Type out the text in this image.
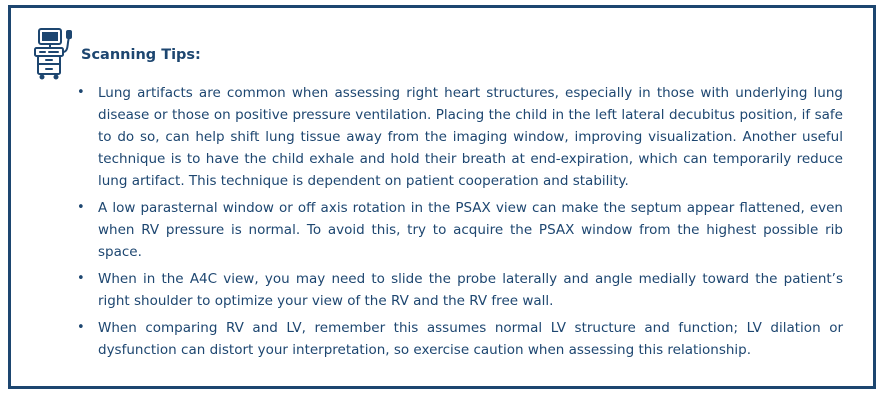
Scanning Tips:
• Lung artifacts are common when assessing right heart structures, especially in those with underlying lung disease or those on positive pressure ventilation. Placing the child in the left lateral decubitus position, if safe to do so, can help shift lung tissue away from the imaging window, improving visualization. Another useful technique is to have the child exhale and hold their breath at end-expiration, which can temporarily reduce lung artifact. This technique is dependent on patient cooperation and stability.
• A low parasternal window or off axis rotation in the PSAX view can make the septum appear flattened, even when RV pressure is normal. To avoid this, try to acquire the PSAX window from the highest possible rib space.
• When in the A4C view, you may need to slide the probe laterally and angle medially toward the patient’s right shoulder to optimize your view of the RV and the RV free wall.
• When comparing RV and LV, remember this assumes normal LV structure and function; LV dilation or dysfunction can distort your interpretation, so exercise caution when assessing this relationship.
